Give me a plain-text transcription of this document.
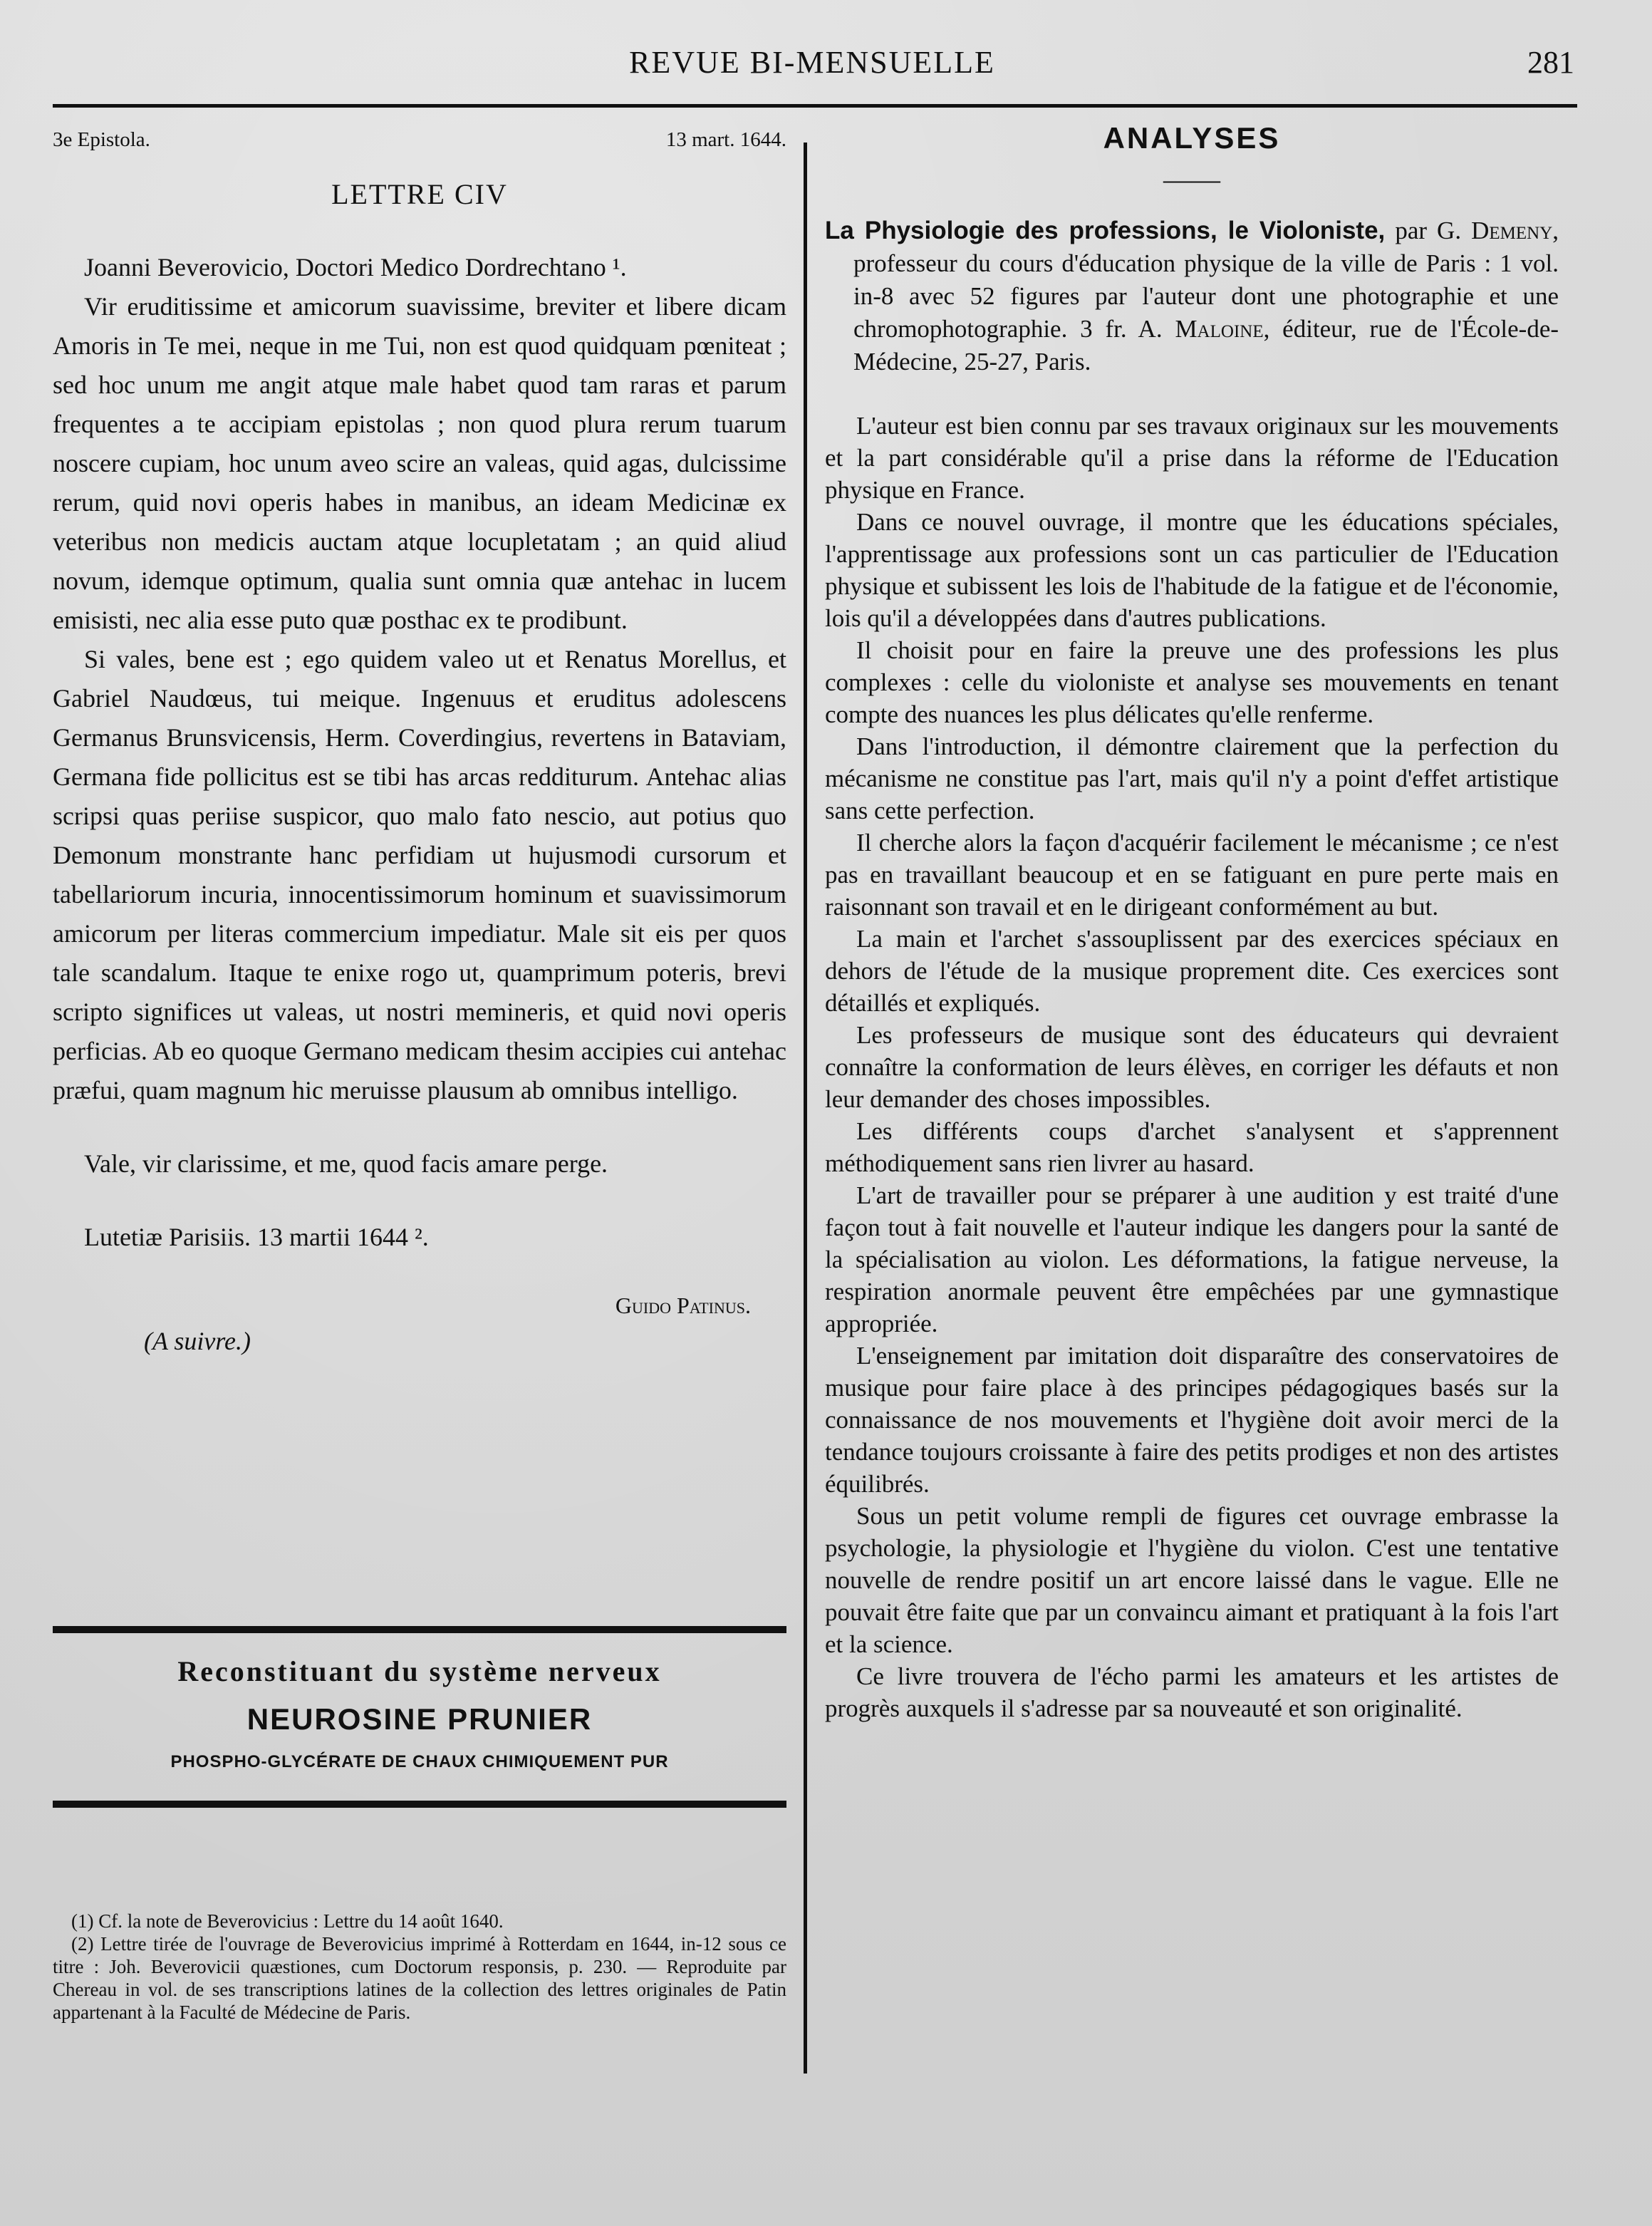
REVUE BI-MENSUELLE	281
3e Epistola.	13 mart. 1644.
LETTRE CIV

Joanni Beverovicio, Doctori Medico Dordrechtano ¹.

Vir eruditissime et amicorum suavissime, breviter et libere dicam Amoris in Te mei, neque in me Tui, non est quod quidquam pœniteat ; sed hoc unum me angit atque male habet quod tam raras et parum frequentes a te accipiam epistolas ; non quod plura rerum tuarum noscere cupiam, hoc unum aveo scire an valeas, quid agas, dulcissime rerum, quid novi operis habes in manibus, an ideam Medicinæ ex veteribus non medicis auctam atque locupletatam ; an quid aliud novum, idemque optimum, qualia sunt omnia quæ antehac in lucem emisisti, nec alia esse puto quæ posthac ex te prodibunt.

Si vales, bene est ; ego quidem valeo ut et Renatus Morellus, et Gabriel Naudœus, tui meique. Ingenuus et eruditus adolescens Germanus Brunsvicensis, Herm. Coverdingius, revertens in Bataviam, Germana fide pollicitus est se tibi has arcas redditurum. Antehac alias scripsi quas periise suspicor, quo malo fato nescio, aut potius quo Demonum monstrante hanc perfidiam ut hujusmodi cursorum et tabellariorum incuria, innocentissimorum hominum et suavissimorum amicorum per literas commercium impediatur. Male sit eis per quos tale scandalum. Itaque te enixe rogo ut, quamprimum poteris, brevi scripto significes ut valeas, ut nostri memineris, et quid novi operis perficias. Ab eo quoque Germano medicam thesim accipies cui antehac præfui, quam magnum hic meruisse plausum ab omnibus intelligo.

Vale, vir clarissime, et me, quod facis amare perge.
Lutetiæ Parisiis. 13 martii 1644 ².
Guido Patinus.
(A suivre.)
Reconstituant du système nerveux
NEUROSINE PRUNIER
PHOSPHO-GLYCÉRATE DE CHAUX CHIMIQUEMENT PUR

(1) Cf. la note de Beverovicius : Lettre du 14 août 1640.

(2) Lettre tirée de l'ouvrage de Beverovicius imprimé à Rotterdam en 1644, in-12 sous ce titre : Joh. Beverovicii quæstiones, cum Doctorum responsis, p. 230. — Reproduite par Chereau in vol. de ses transcriptions latines de la collection des lettres originales de Patin appartenant à la Faculté de Médecine de Paris.

ANALYSES
——

La Physiologie des professions, le Violoniste, par G. Demeny, professeur du cours d'éducation physique de la ville de Paris : 1 vol. in-8 avec 52 figures par l'auteur dont une photographie et une chromophotographie. 3 fr. A. Maloine, éditeur, rue de l'École-de-Médecine, 25-27, Paris.

L'auteur est bien connu par ses travaux originaux sur les mouvements et la part considérable qu'il a prise dans la réforme de l'Education physique en France.

Dans ce nouvel ouvrage, il montre que les éducations spéciales, l'apprentissage aux professions sont un cas particulier de l'Education physique et subissent les lois de l'habitude de la fatigue et de l'économie, lois qu'il a développées dans d'autres publications.

Il choisit pour en faire la preuve une des professions les plus complexes : celle du violoniste et analyse ses mouvements en tenant compte des nuances les plus délicates qu'elle renferme.

Dans l'introduction, il démontre clairement que la perfection du mécanisme ne constitue pas l'art, mais qu'il n'y a point d'effet artistique sans cette perfection.

Il cherche alors la façon d'acquérir facilement le mécanisme ; ce n'est pas en travaillant beaucoup et en se fatiguant en pure perte mais en raisonnant son travail et en le dirigeant conformément au but.

La main et l'archet s'assouplissent par des exercices spéciaux en dehors de l'étude de la musique proprement dite. Ces exercices sont détaillés et expliqués.

Les professeurs de musique sont des éducateurs qui devraient connaître la conformation de leurs élèves, en corriger les défauts et non leur demander des choses impossibles.

Les différents coups d'archet s'analysent et s'apprennent méthodiquement sans rien livrer au hasard.

L'art de travailler pour se préparer à une audition y est traité d'une façon tout à fait nouvelle et l'auteur indique les dangers pour la santé de la spécialisation au violon. Les déformations, la fatigue nerveuse, la respiration anormale peuvent être empêchées par une gymnastique appropriée.

L'enseignement par imitation doit disparaître des conservatoires de musique pour faire place à des principes pédagogiques basés sur la connaissance de nos mouvements et l'hygiène doit avoir merci de la tendance toujours croissante à faire des petits prodiges et non des artistes équilibrés.

Sous un petit volume rempli de figures cet ouvrage embrasse la psychologie, la physiologie et l'hygiène du violon. C'est une tentative nouvelle de rendre positif un art encore laissé dans le vague. Elle ne pouvait être faite que par un convaincu aimant et pratiquant à la fois l'art et la science.

Ce livre trouvera de l'écho parmi les amateurs et les artistes de progrès auxquels il s'adresse par sa nouveauté et son originalité.
